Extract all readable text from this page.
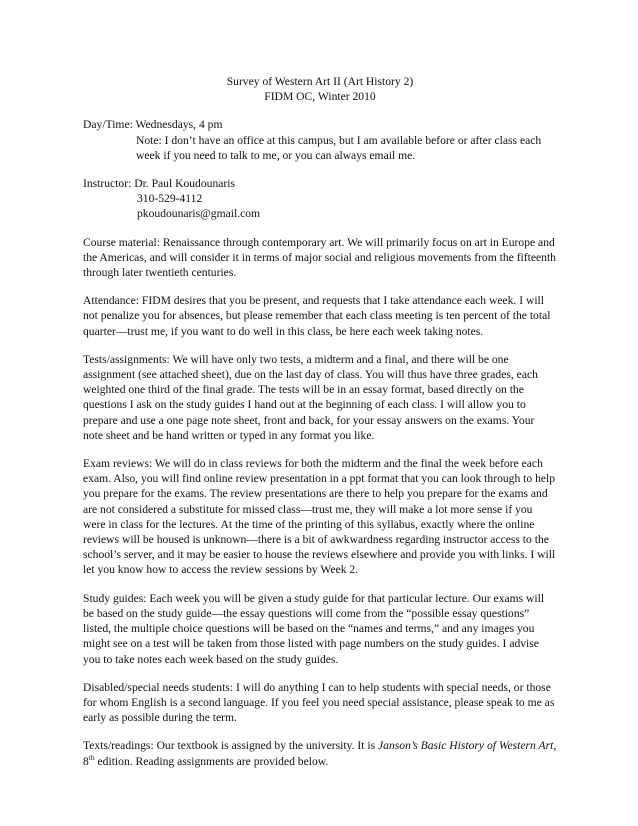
Survey of Western Art II (Art History 2)
FIDM OC, Winter 2010
Day/Time: Wednesdays, 4 pm
Note: I don’t have an office at this campus, but I am available before or after class each
week if you need to talk to me, or you can always email me.
Instructor: Dr. Paul Koudounaris
310-529-4112
pkoudounaris@gmail.com

Course material: Renaissance through contemporary art. We will primarily focus on art in Europe and the Americas, and will consider it in terms of major social and religious movements from the fifteenth through later twentieth centuries.

Attendance: FIDM desires that you be present, and requests that I take attendance each week. I will not penalize you for absences, but please remember that each class meeting is ten percent of the total quarter—trust me, if you want to do well in this class, be here each week taking notes.

Tests/assignments: We will have only two tests, a midterm and a final, and there will be one assignment (see attached sheet), due on the last day of class. You will thus have three grades, each weighted one third of the final grade. The tests will be in an essay format, based directly on the questions I ask on the study guides I hand out at the beginning of each class. I will allow you to prepare and use a one page note sheet, front and back, for your essay answers on the exams. Your note sheet and be hand written or typed in any format you like.

Exam reviews: We will do in class reviews for both the midterm and the final the week before each exam. Also, you will find online review presentation in a ppt format that you can look through to help you prepare for the exams. The review presentations are there to help you prepare for the exams and are not considered a substitute for missed class—trust me, they will make a lot more sense if you were in class for the lectures. At the time of the printing of this syllabus, exactly where the online reviews will be housed is unknown—there is a bit of awkwardness regarding instructor access to the school’s server, and it may be easier to house the reviews elsewhere and provide you with links. I will let you know how to access the review sessions by Week 2.

Study guides: Each week you will be given a study guide for that particular lecture. Our exams will be based on the study guide—the essay questions will come from the “possible essay questions” listed, the multiple choice questions will be based on the “names and terms,” and any images you might see on a test will be taken from those listed with page numbers on the study guides. I advise you to take notes each week based on the study guides.

Disabled/special needs students: I will do anything I can to help students with special needs, or those for whom English is a second language. If you feel you need special assistance, please speak to me as early as possible during the term.

Texts/readings: Our textbook is assigned by the university. It is Janson’s Basic History of Western Art, 8th edition. Reading assignments are provided below.
